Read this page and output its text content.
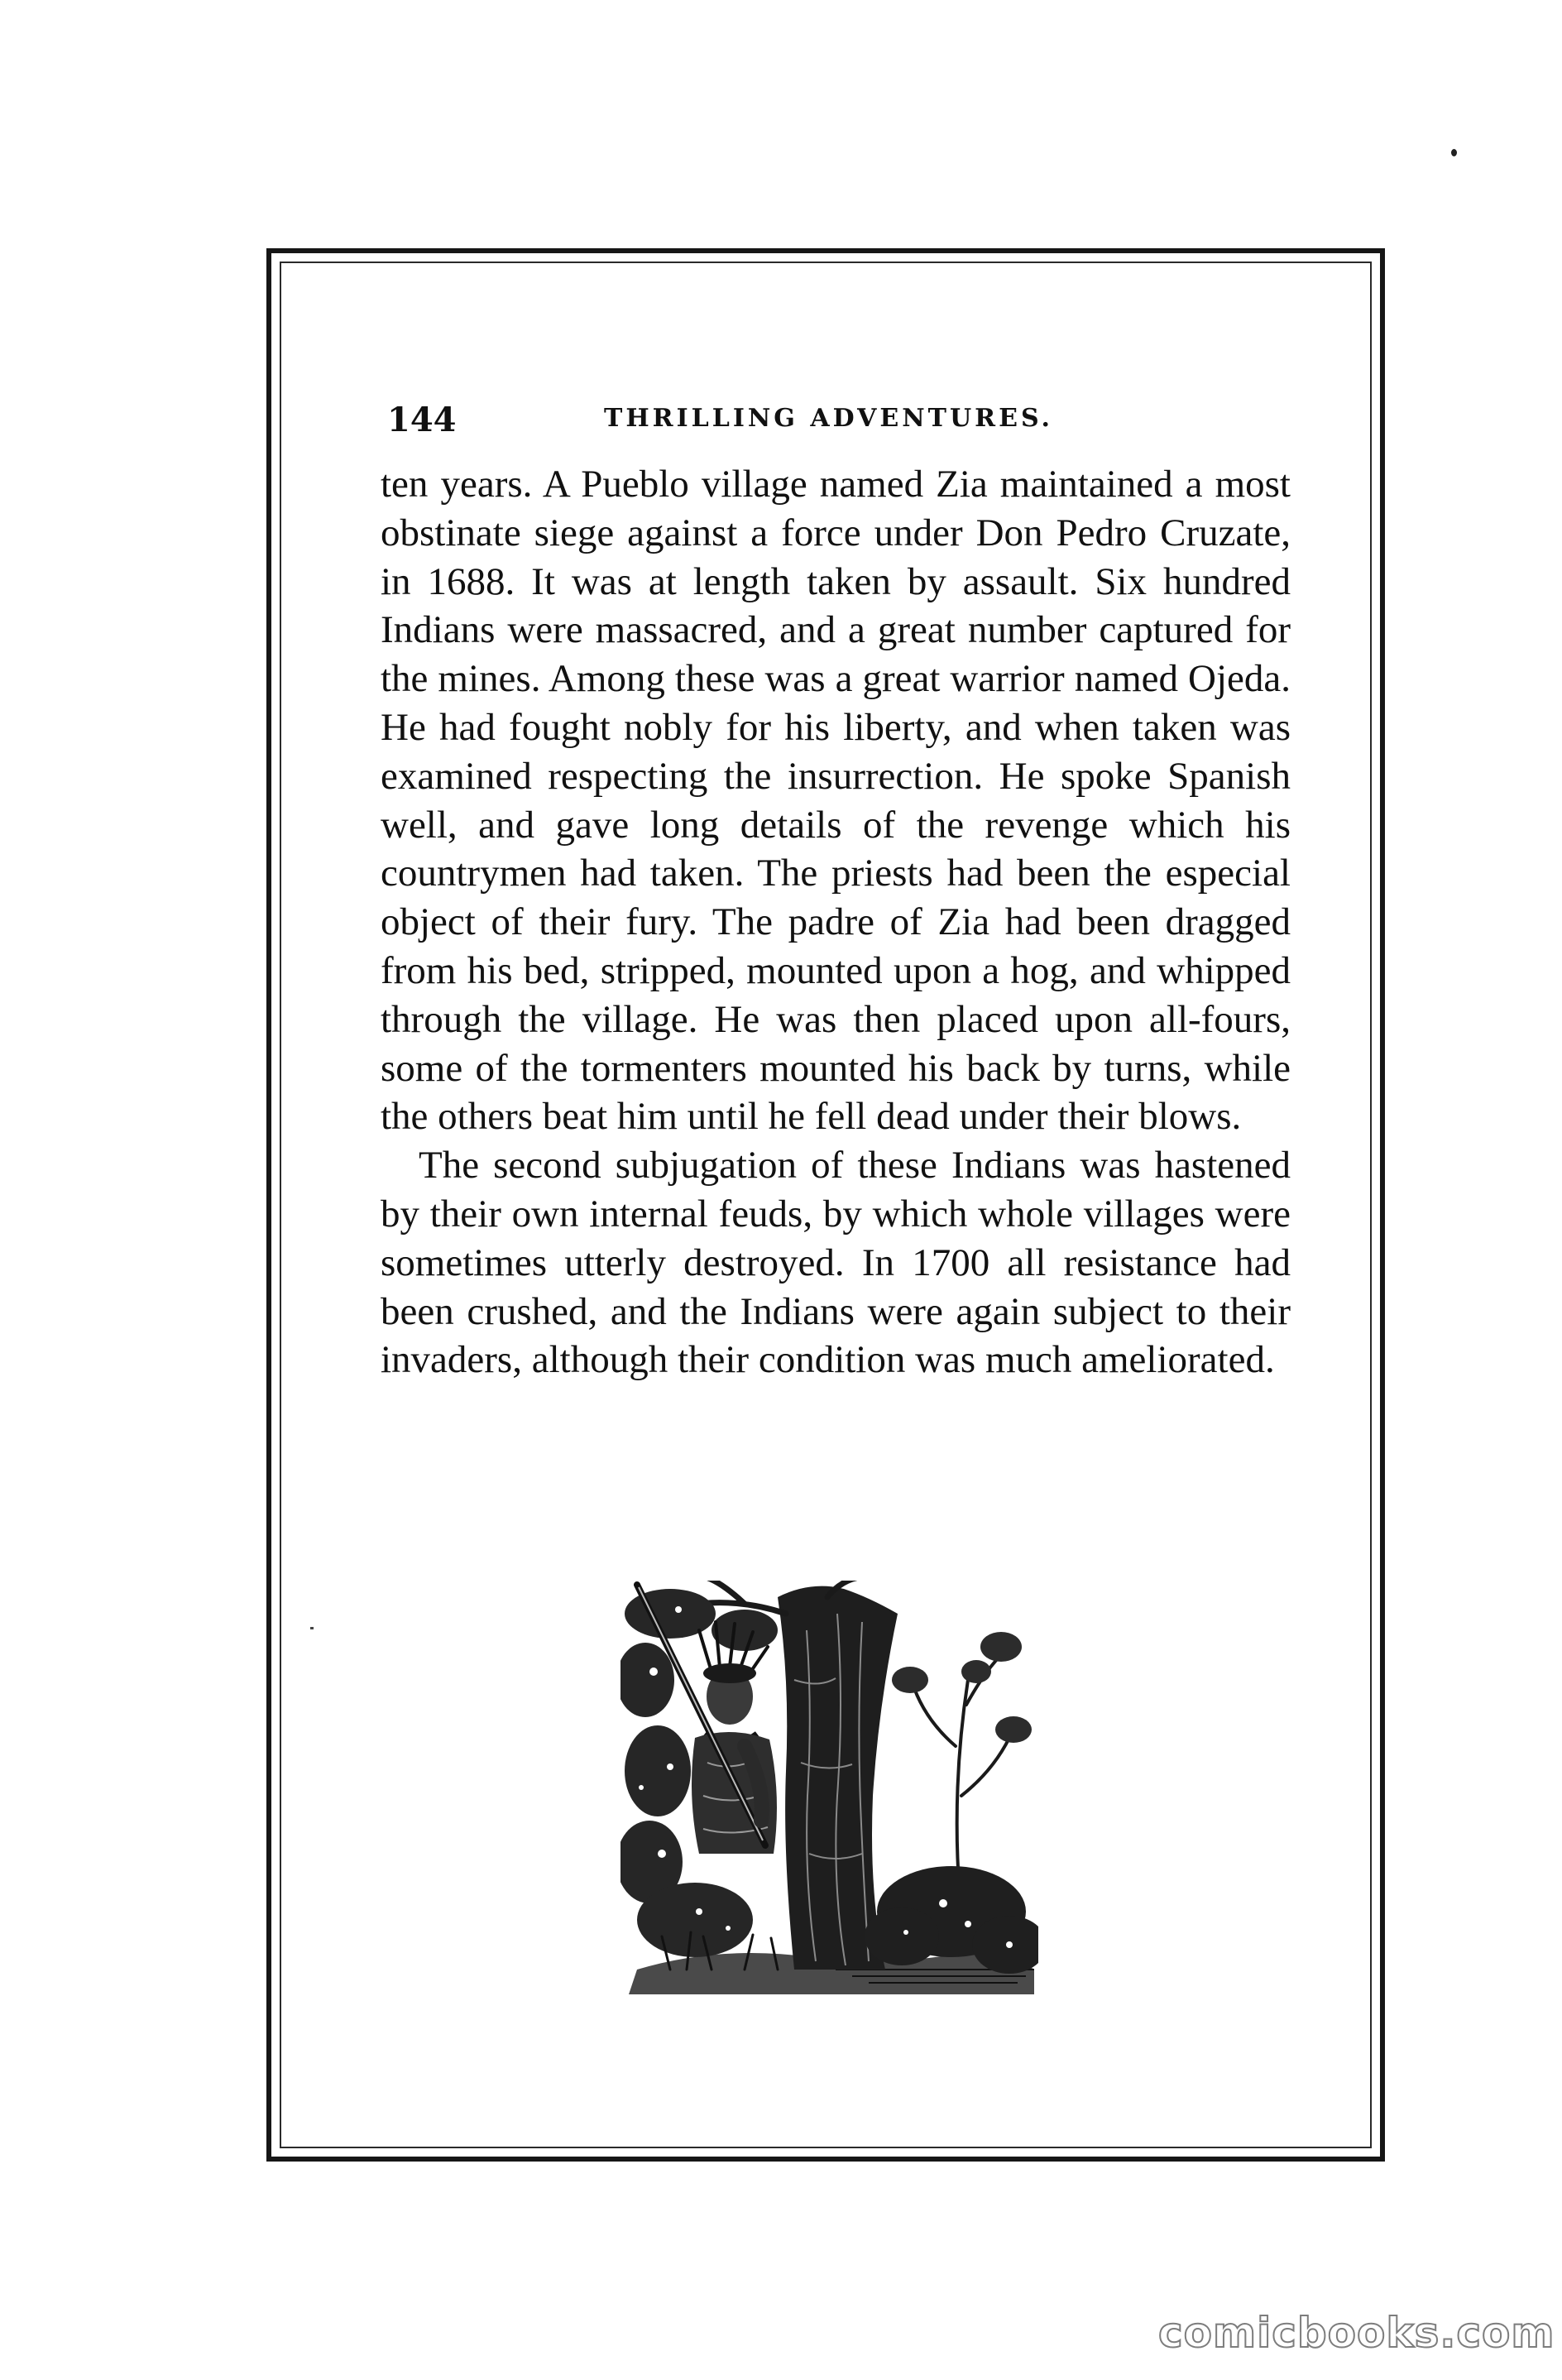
144	THRILLING ADVENTURES.

ten years. A Pueblo village named Zia maintained a most obstinate siege against a force under Don Pedro Cruzate, in 1688. It was at length taken by assault. Six hundred Indians were massacred, and a great number captured for the mines. Among these was a great warrior named Ojeda. He had fought nobly for his liberty, and when taken was examined respecting the insurrection. He spoke Spanish well, and gave long details of the revenge which his countrymen had taken. The priests had been the especial object of their fury. The padre of Zia had been dragged from his bed, stripped, mounted upon a hog, and whipped through the village. He was then placed upon all-fours, some of the tormenters mounted his back by turns, while the others beat him until he fell dead under their blows.

The second subjugation of these Indians was hastened by their own internal feuds, by which whole villages were sometimes utterly destroyed. In 1700 all resistance had been crushed, and the Indians were again subject to their invaders, although their condition was much ameliorated.

comicbooks.com
